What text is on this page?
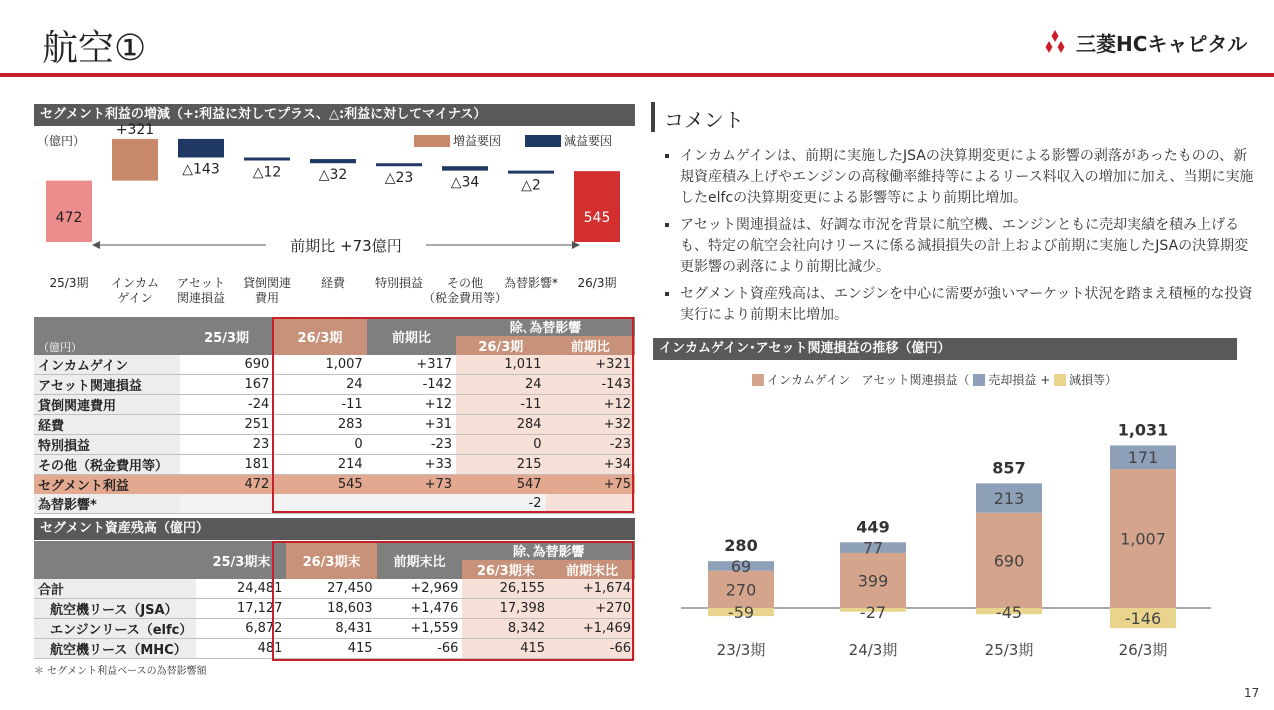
航空①	三菱HCキャピタル
セグメント利益の増減（+:利益に対してプラス、△:利益に対してマイナス）
（億円）	増益要因	減益要因
472
25/3期
+321
インカムゲイン
△143
アセット関連損益
△12
貸倒関連費用
△32
経費
△23
特別損益
△34
その他（税金費用等）
△2
為替影響*
545
26/3期
前期比 +73億円
（億円）	25/3期	26/3期	前期比	除､為替影響	
				26/3期	前期比
インカムゲイン	690	1,007	+317	1,011	+321
アセット関連損益	167	24	-142	24	-143
貸倒関連費用	-24	-11	+12	-11	+12
経費	251	283	+31	284	+32
特別損益	23	0	-23	0	-23
その他（税金費用等）	181	214	+33	215	+34
セグメント利益	472	545	+73	547	+75
為替影響*				-2	
セグメント資産残高（億円）
	25/3期末	26/3期末	前期末比	除､為替影響	
				26/3期末	前期末比
合計	24,481	27,450	+2,969	26,155	+1,674
航空機リース（JSA）	17,127	18,603	+1,476	17,398	+270
エンジンリース（elfc）	6,872	8,431	+1,559	8,342	+1,469
航空機リース（MHC）	481	415	-66	415	-66
＊ セグメント利益ベースの為替影響額
コメント
▪ インカムゲインは、前期に実施したJSAの決算期変更による影響の剥落があったものの、新規資産積み上げやエンジンの高稼働率維持等によるリース料収入の増加に加え、当期に実施したelfcの決算期変更による影響等により前期比増加。
▪ アセット関連損益は、好調な市況を背景に航空機、エンジンともに売却実績を積み上げるも、特定の航空会社向けリースに係る減損損失の計上および前期に実施したJSAの決算期変更影響の剥落により前期比減少。
▪ セグメント資産残高は、エンジンを中心に需要が強いマーケット状況を踏まえ積極的な投資実行により前期末比増加。
インカムゲイン･アセット関連損益の推移（億円）
インカムゲイン アセット関連損益（ 売却損益 + 減損等）
270
69
-59
280
23/3期
399
77
-27
449
24/3期
690
213
-45
857
25/3期
1,007
171
-146
1,031
26/3期
17
